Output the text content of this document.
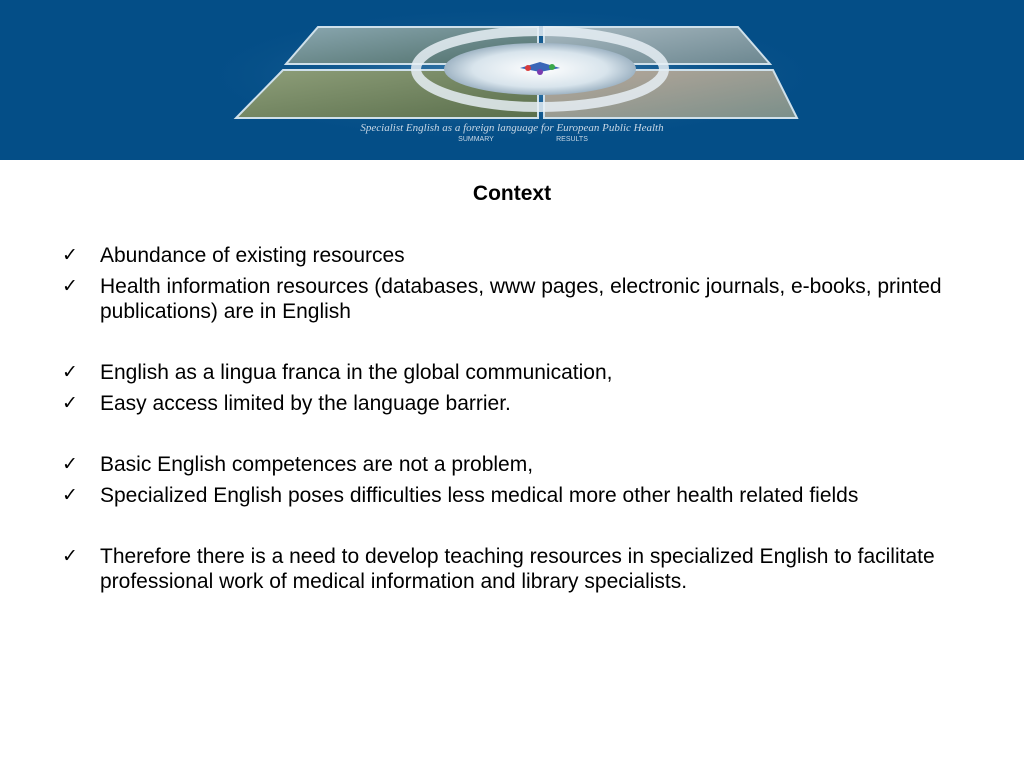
Specialist English as a foreign language for European Public Health
SUMMARY	RESULTS
Context
✓ Abundance of existing resources
✓ Health information resources (databases, www pages, electronic journals, e-books, printed publications) are in English
✓ English as a lingua franca in the global communication,
✓ Easy access limited by the language barrier.
✓ Basic English competences are not a problem,
✓ Specialized English poses difficulties less medical more other health related fields
✓ Therefore there is a need to develop teaching resources in specialized English to facilitate professional work of medical information and library specialists.
